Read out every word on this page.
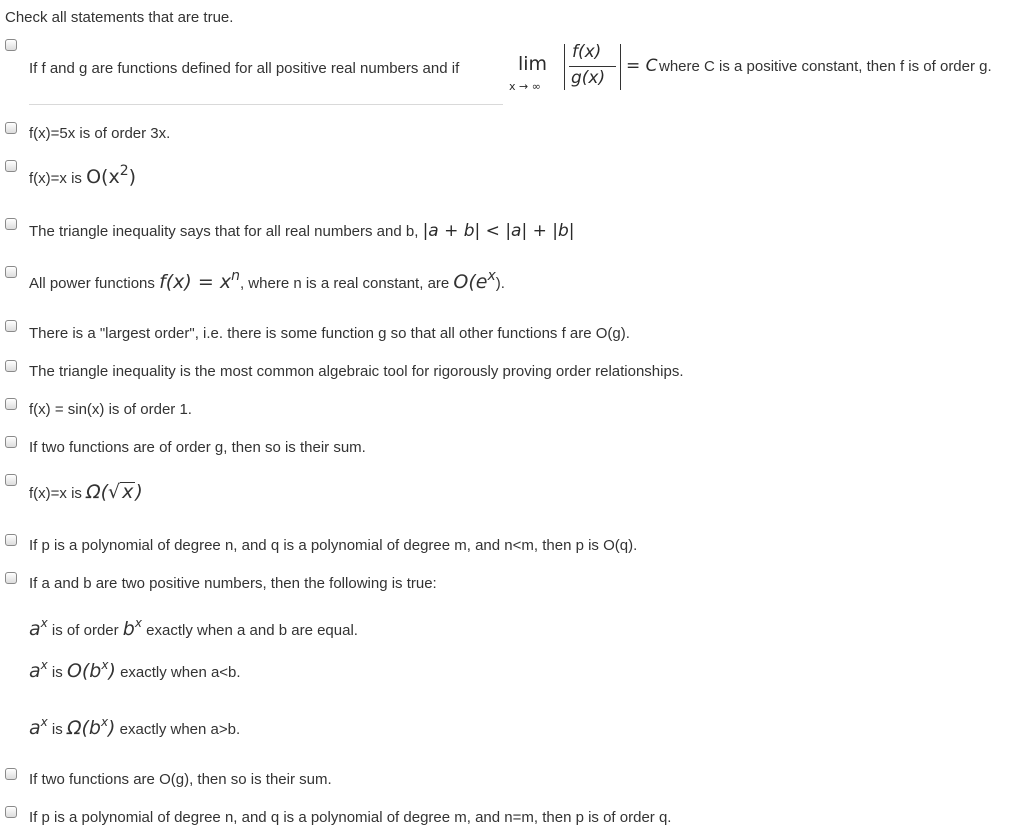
Check all statements that are true.
If f and g are functions defined for all positive real numbers and if	lim
x → ∞
f(x)
g(x)
= C where C is a positive constant, then f is of order g.
f(x)=5x is of order 3x.
f(x)=x is $O(x^2)$
The triangle inequality says that for all real numbers and b, |a + b| < |a| + |b|
All power functions $f(x) = x^n$, where n is a real constant, are $O(e^x)$.
There is a "largest order", i.e. there is some function g so that all other functions f are O(g).
The triangle inequality is the most common algebraic tool for rigorously proving order relationships.
f(x) = sin(x) is of order 1.
If two functions are of order g, then so is their sum.
f(x)=x is Ω(√ x )
If p is a polynomial of degree n, and q is a polynomial of degree m, and n<m, then p is O(q).
If a and b are two positive numbers, then the following is true:
$a^x$ is of order $b^x$ exactly when a and b are equal.
$a^x$ is $O(b^x)$ exactly when a<b.
$a^x$ is $\Omega(b^x)$ exactly when a>b.
If two functions are O(g), then so is their sum.
If p is a polynomial of degree n, and q is a polynomial of degree m, and n=m, then p is of order q.
